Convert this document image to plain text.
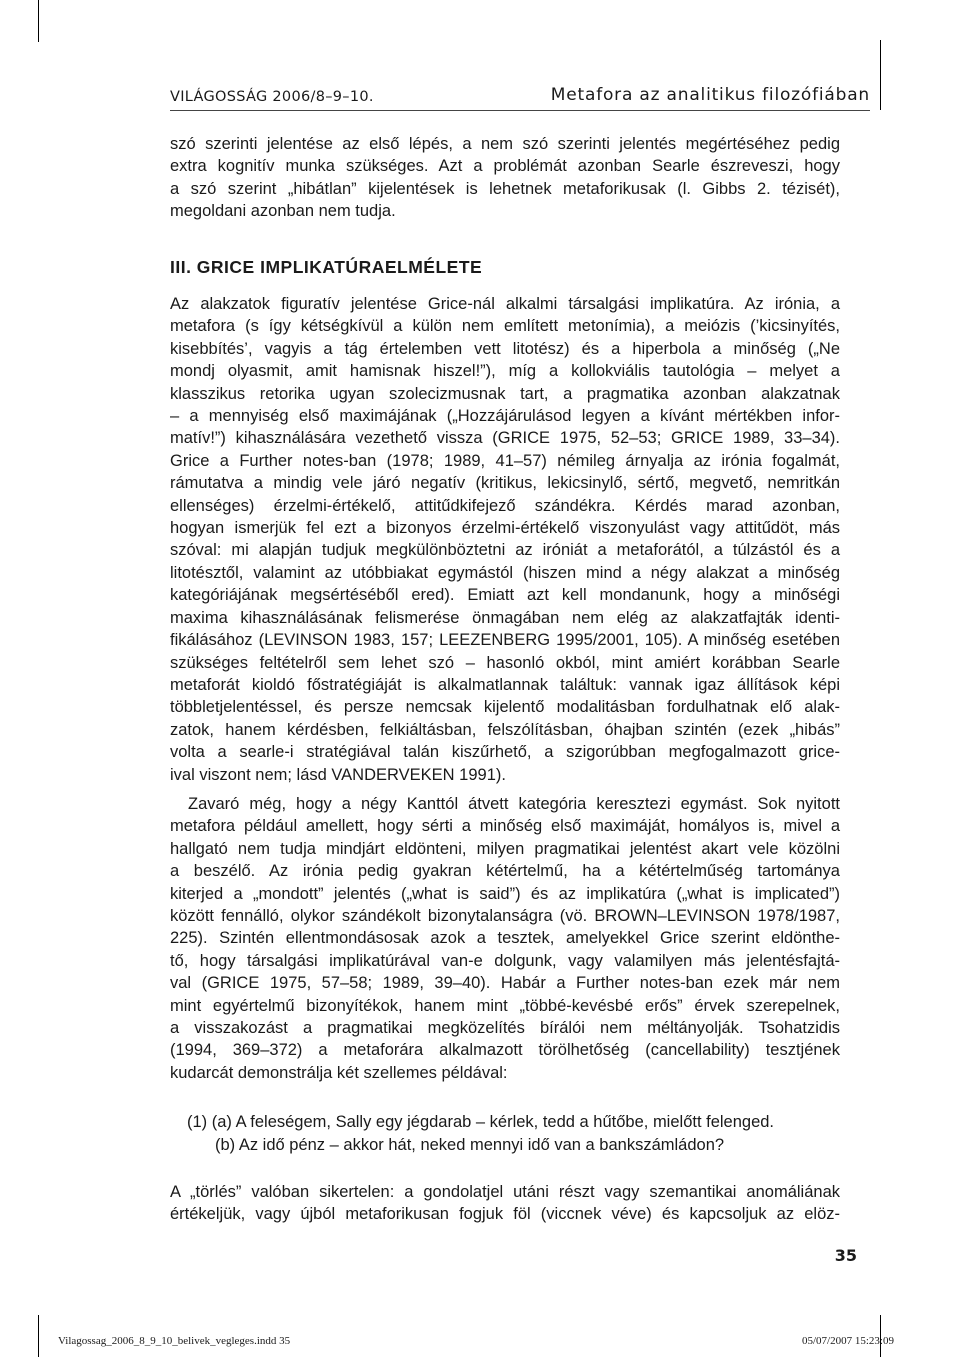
VILÁGOSSÁG 2006/8–9–10.	Metafora az analitikus filozófiában
szó szerinti jelentése az első lépés, a nem szó szerinti jelentés megértéséhez pedig
extra kognitív munka szükséges. Azt a problémát azonban Searle észreveszi, hogy
a szó szerint „hibátlan” kijelentések is lehetnek metaforikusak (l. Gibbs 2. tézisét),
megoldani azonban nem tudja.
III. GRICE IMPLIKATÚRAELMÉLETE
Az alakzatok figuratív jelentése Grice-nál alkalmi társalgási implikatúra. Az irónia, a
metafora (s így kétségkívül a külön nem említett metonímia), a meiózis (’kicsinyítés,
kisebbítés’, vagyis a tág értelemben vett litotész) és a hiperbola a minőség („Ne
mondj olyasmit, amit hamisnak hiszel!”), míg a kollokviális tautológia – melyet a
klasszikus retorika ugyan szolecizmusnak tart, a pragmatika azonban alakzatnak
– a mennyiség első maximájának („Hozzájárulásod legyen a kívánt mértékben infor-
matív!”) kihasználására vezethető vissza (GRICE 1975, 52–53; GRICE 1989, 33–34).
Grice a Further notes-ban (1978; 1989, 41–57) némileg árnyalja az irónia fogalmát,
rámutatva a mindig vele járó negatív (kritikus, lekicsinylő, sértő, megvető, nemritkán
ellenséges) érzelmi-értékelő, attitűdkifejező szándékra. Kérdés marad azonban,
hogyan ismerjük fel ezt a bizonyos érzelmi-értékelő viszonyulást vagy attitűdöt, más
szóval: mi alapján tudjuk megkülönböztetni az iróniát a metaforától, a túlzástól és a
litotésztől, valamint az utóbbiakat egymástól (hiszen mind a négy alakzat a minőség
kategóriájának megsértéséből ered). Emiatt azt kell mondanunk, hogy a minőségi
maxima kihasználásának felismerése önmagában nem elég az alakzatfajták identi-
fikálásához (LEVINSON 1983, 157; LEEZENBERG 1995/2001, 105). A minőség esetében
szükséges feltételről sem lehet szó – hasonló okból, mint amiért korábban Searle
metaforát kioldó főstratégiáját is alkalmatlannak találtuk: vannak igaz állítások képi
többletjelentéssel, és persze nemcsak kijelentő modalitásban fordulhatnak elő alak-
zatok, hanem kérdésben, felkiáltásban, felszólításban, óhajban szintén (ezek „hibás”
volta a searle-i stratégiával talán kiszűrhető, a szigorúbban megfogalmazott grice-
ival viszont nem; lásd VANDERVEKEN 1991).
Zavaró még, hogy a négy Kanttól átvett kategória keresztezi egymást. Sok nyitott
metafora például amellett, hogy sérti a minőség első maximáját, homályos is, mivel a
hallgató nem tudja mindjárt eldönteni, milyen pragmatikai jelentést akart vele közölni
a beszélő. Az irónia pedig gyakran kétértelmű, ha a kétértelműség tartománya
kiterjed a „mondott” jelentés („what is said”) és az implikatúra („what is implicated”)
között fennálló, olykor szándékolt bizonytalanságra (vö. BROWN–LEVINSON 1978/1987,
225). Szintén ellentmondásosak azok a tesztek, amelyekkel Grice szerint eldönthe-
tő, hogy társalgási implikatúrával van-e dolgunk, vagy valamilyen más jelentésfajtá-
val (GRICE 1975, 57–58; 1989, 39–40). Habár a Further notes-ban ezek már nem
mint egyértelmű bizonyítékok, hanem mint „többé-kevésbé erős” érvek szerepelnek,
a visszakozást a pragmatikai megközelítés bírálói nem méltányolják. Tsohatzidis
(1994, 369–372) a metaforára alkalmazott törölhetőség (cancellability) tesztjének
kudarcát demonstrálja két szellemes példával:
(1) (a) A feleségem, Sally egy jégdarab – kérlek, tedd a hűtőbe, mielőtt felenged.
(b) Az idő pénz – akkor hát, neked mennyi idő van a bankszámládon?
A „törlés” valóban sikertelen: a gondolatjel utáni részt vagy szemantikai anomáliának
értékeljük, vagy újból metaforikusan fogjuk föl (viccnek véve) és kapcsoljuk az elöz-
35
Vilagossag_2006_8_9_10_belivek_vegleges.indd 35	05/07/2007 15:23:09
